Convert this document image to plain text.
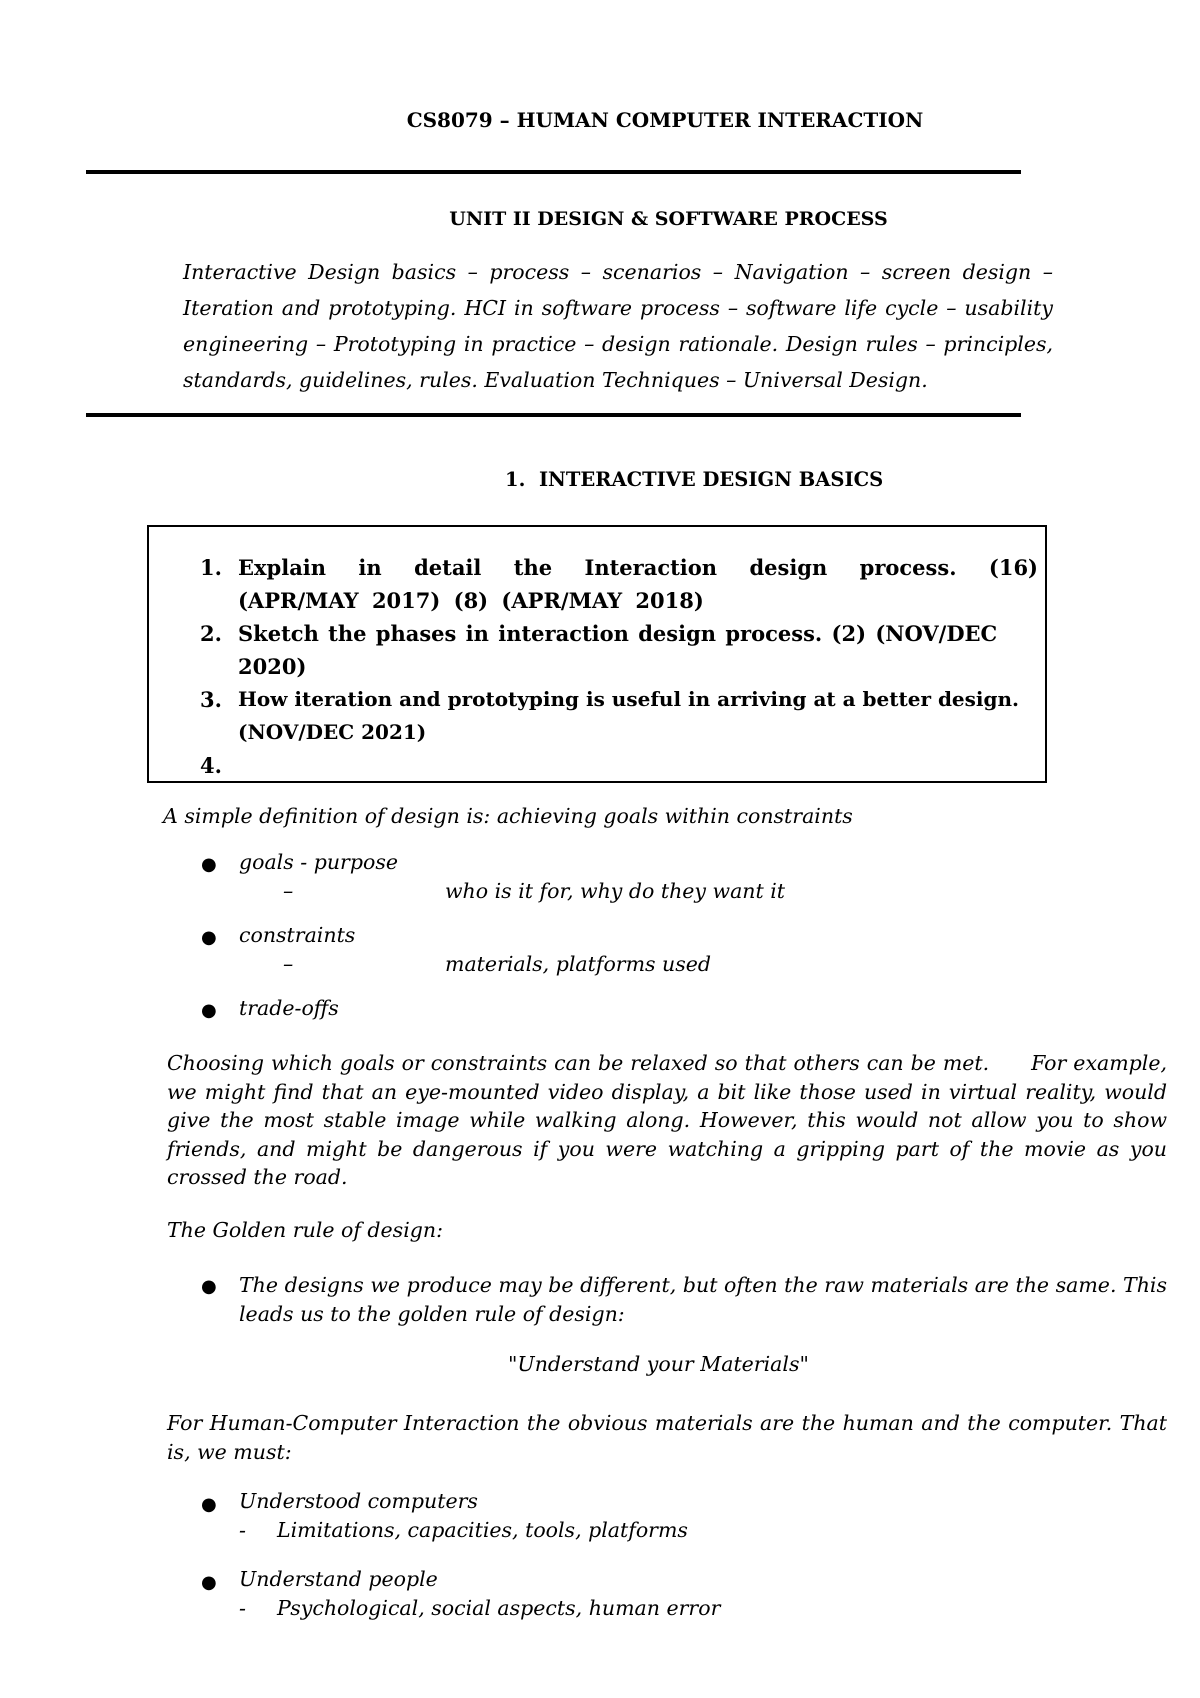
CS8079 – HUMAN COMPUTER INTERACTION
UNIT II DESIGN & SOFTWARE PROCESS
Interactive Design basics – process – scenarios – Navigation – screen design – Iteration and prototyping. HCI in software process – software life cycle – usability engineering – Prototyping in practice – design rationale. Design rules – principles, standards, guidelines, rules. Evaluation Techniques – Universal Design.
1. INTERACTIVE DESIGN BASICS
1. Explain in detail the Interaction design process. (16) (APR/MAY 2017) (8) (APR/MAY 2018)
2. Sketch the phases in interaction design process. (2) (NOV/DEC 2020)
3. How iteration and prototyping is useful in arriving at a better design. (NOV/DEC 2021)
4.
A simple definition of design is: achieving goals within constraints
● goals - purpose
–	who is it for, why do they want it
● constraints
–	materials, platforms used
● trade-offs
Choosing which goals or constraints can be relaxed so that others can be met.      For example, we might find that an eye-mounted video display, a bit like those used in virtual reality, would give the most stable image while walking along. However, this would not allow you to show friends, and might be dangerous if you were watching a gripping part of the movie as you crossed the road.
The Golden rule of design:
● The designs we produce may be different, but often the raw materials are the same. This leads us to the golden rule of design:
"Understand your Materials"
For Human-Computer Interaction the obvious materials are the human and the computer. That is, we must:
● Understood computers
- Limitations, capacities, tools, platforms
● Understand people
- Psychological, social aspects, human error
